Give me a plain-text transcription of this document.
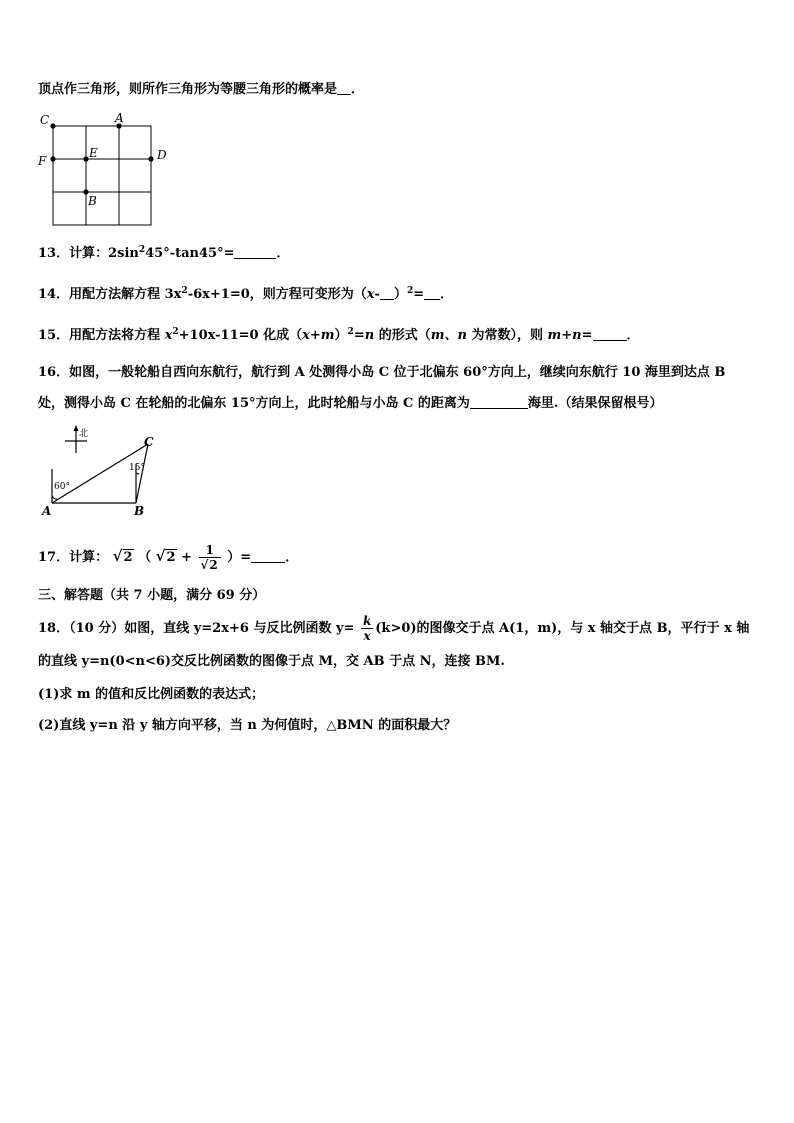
顶点作三角形，则所作三角形为等腰三角形的概率是 ．
C	A
F
E	D
B
13．计算：$2\sin^245^\circ-\tan 45^\circ=$	．
14．用配方法解方程 $3x^2-6x+1=0$，则方程可变形为（x- ）$^2$= ．
15．用配方法将方程 $x^2+10x-11=0$ 化成$(x+m)^2=n$ 的形式（m、n 为常数），则 m+n=	．
16．如图，一般轮船自西向东航行，航行到 A 处测得小岛 C 位于北偏东 60°方向上，继续向东航行 10 海里到达点 B
处，测得小岛 C 在轮船的北偏东 15°方向上，此时轮船与小岛 C 的距离为	海里.（结果保留根号）
北
C
A	B
60°
15°
17．计算： √2 （ $√2 + \frac{1}{√2}$ ）=	．
三、解答题（共 7 小题，满分 69 分）
18．（10 分）如图，直线 y=2x+6 与反比例函数 $y= \frac{k}{x} (k>0)$的图像交于点 A(1，m)，与 x 轴交于点 B，平行于 x 轴
的直线 y=n(0<n<6)交反比例函数的图像于点 M，交 AB 于点 N，连接 BM.
(1)求 m 的值和反比例函数的表达式；
(2)直线 y=n 沿 y 轴方向平移，当 n 为何值时，△BMN 的面积最大？
